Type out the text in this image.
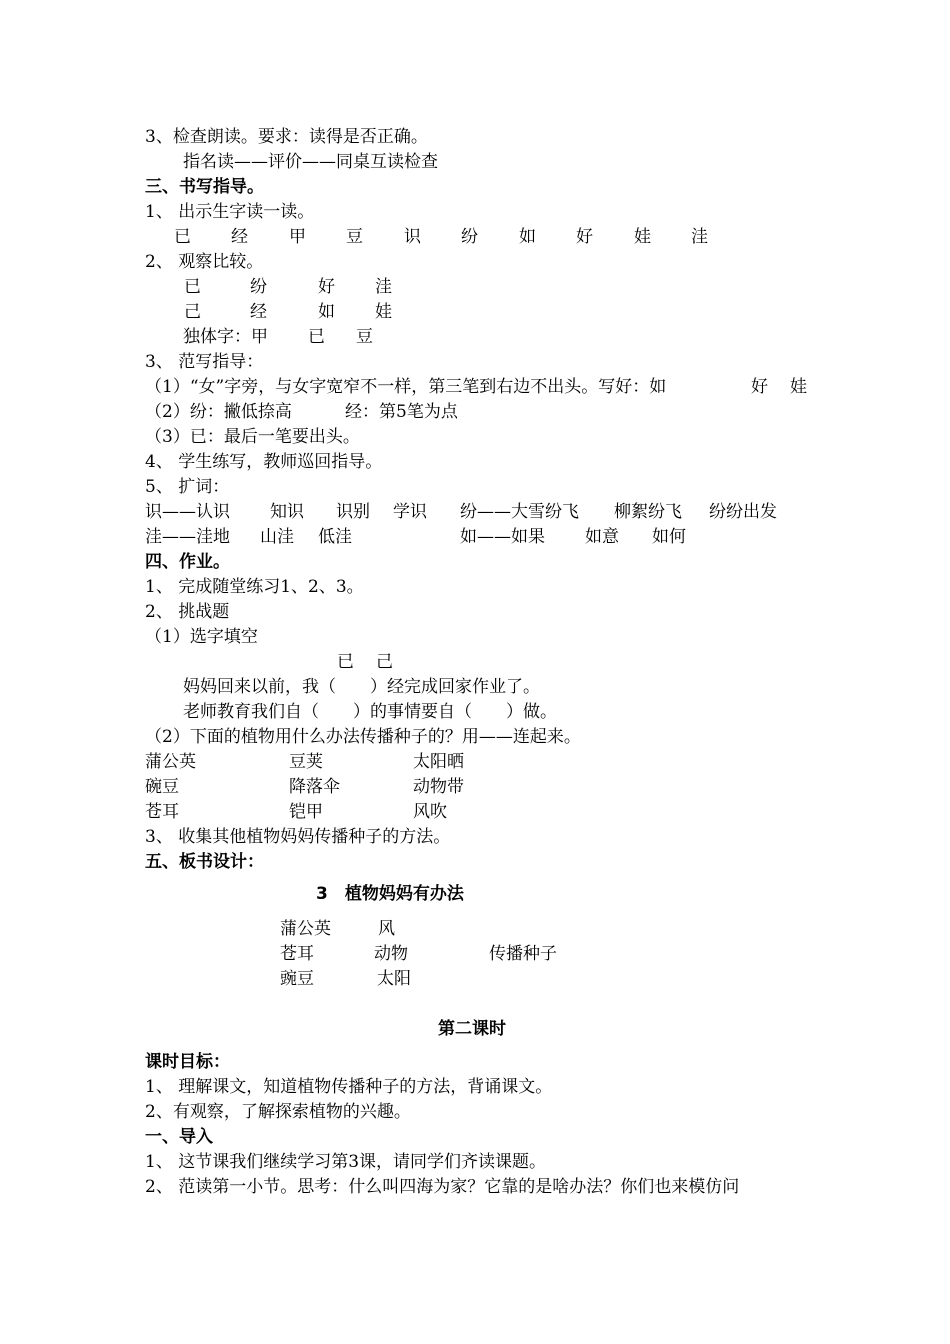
3、检查朗读。要求：读得是否正确。
指名读——评价——同桌互读检查
三、书写指导。
1、 出示生字读一读。
已 经 甲 豆 识 纷 如 好 娃 洼
2、 观察比较。
已	纷	好 洼
己	经	如 娃
独体字：甲 已 豆
3、 范写指导：
（1）“女”字旁，与女字宽窄不一样，第三笔到右边不出头。写好：如	好 娃
（2）纷：撇低捺高	经：第5笔为点
（3）已：最后一笔要出头。
4、 学生练写，教师巡回指导。
5、 扩词：
识——认识 知识 识别 学识 纷——大雪纷飞 柳絮纷飞 纷纷出发
洼——洼地 山洼 低洼	如——如果 如意 如何
四、作业。
1、 完成随堂练习1、2、3。
2、 挑战题
（1）选字填空
已 己
妈妈回来以前，我（　　）经完成回家作业了。
老师教育我们自（　　）的事情要自（　　）做。
（2）下面的植物用什么办法传播种子的？用——连起来。
蒲公英	豆荚	太阳晒
碗豆	降落伞	动物带
苍耳	铠甲	风吹
3、 收集其他植物妈妈传播种子的方法。
五、板书设计：
3　植物妈妈有办法
蒲公英	风
苍耳	动物	传播种子
豌豆	太阳
第二课时
课时目标：
1、 理解课文，知道植物传播种子的方法，背诵课文。
2、有观察，了解探索植物的兴趣。
一、导入
1、 这节课我们继续学习第3课，请同学们齐读课题。
2、 范读第一小节。思考：什么叫四海为家？它靠的是啥办法？你们也来模仿问
